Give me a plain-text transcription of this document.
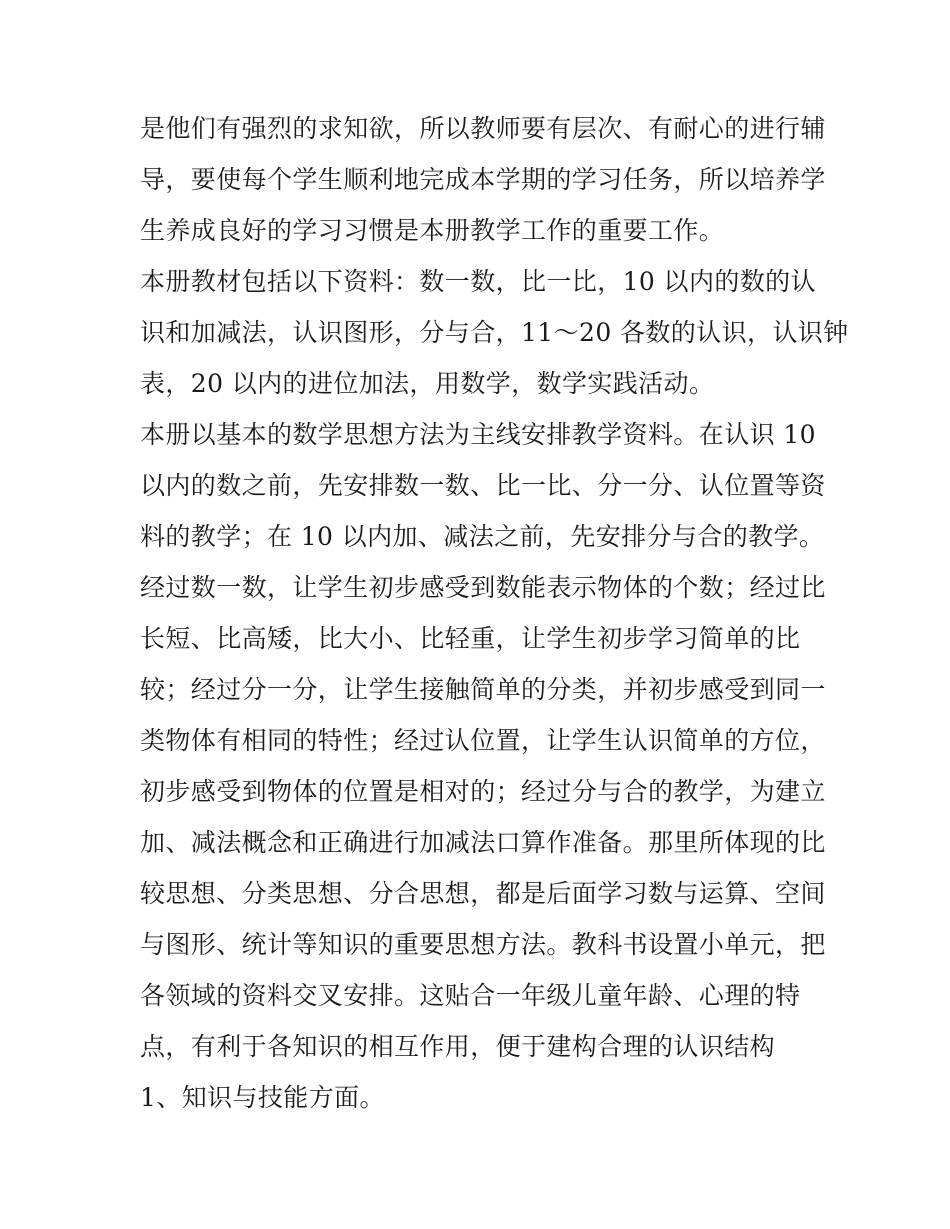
是他们有强烈的求知欲，所以教师要有层次、有耐心的进行辅
导，要使每个学生顺利地完成本学期的学习任务，所以培养学
生养成良好的学习习惯是本册教学工作的重要工作。
本册教材包括以下资料：数一数，比一比，10 以内的数的认
识和加减法，认识图形，分与合，11～20 各数的认识，认识钟
表，20 以内的进位加法，用数学，数学实践活动。
本册以基本的数学思想方法为主线安排教学资料。在认识 10
以内的数之前，先安排数一数、比一比、分一分、认位置等资
料的教学；在 10 以内加、减法之前，先安排分与合的教学。
经过数一数，让学生初步感受到数能表示物体的个数；经过比
长短、比高矮，比大小、比轻重，让学生初步学习简单的比
较；经过分一分，让学生接触简单的分类，并初步感受到同一
类物体有相同的特性；经过认位置，让学生认识简单的方位，
初步感受到物体的位置是相对的；经过分与合的教学，为建立
加、减法概念和正确进行加减法口算作准备。那里所体现的比
较思想、分类思想、分合思想，都是后面学习数与运算、空间
与图形、统计等知识的重要思想方法。教科书设置小单元，把
各领域的资料交叉安排。这贴合一年级儿童年龄、心理的特
点，有利于各知识的相互作用，便于建构合理的认识结构
1、知识与技能方面。
